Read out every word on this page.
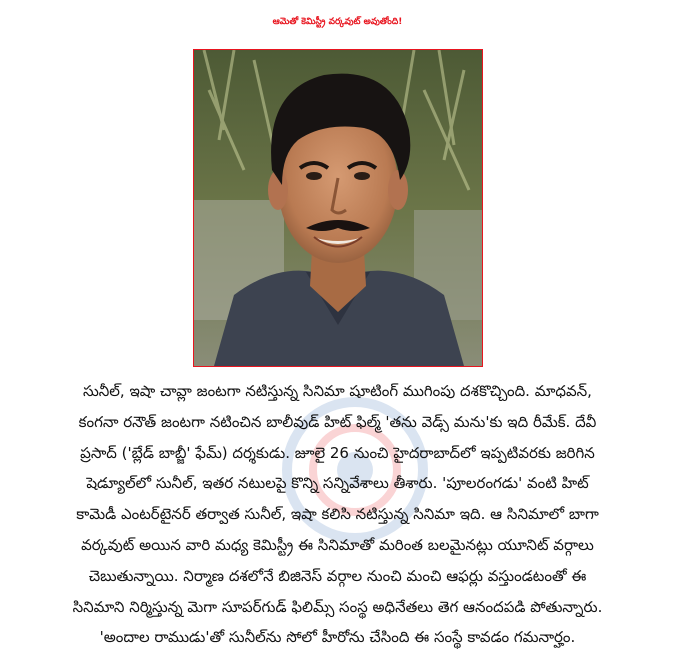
ఆమెతో కెమిస్ట్రీ వర్కవుట్ అవుతోంది!
సునీల్, ఇషా చావ్లా జంటగా నటిస్తున్న సినిమా షూటింగ్ ముగింపు దశకొచ్చింది. మాధవన్,
కంగనా రనౌత్ జంటగా నటించిన బాలీవుడ్ హిట్ ఫిల్మ్ 'తను వెడ్స్ మను'కు ఇది రీమేక్. దేవీ
ప్రసాద్ ('బ్లేడ్ బాబ్జీ' ఫేమ్) దర్శకుడు. జూలై 26 నుంచి హైదరాబాద్‌లో ఇప్పటివరకు జరిగిన
షెడ్యూల్‌లో సునీల్, ఇతర నటులపై కొన్ని సన్నివేశాలు తీశారు. 'పూలరంగడు' వంటి హిట్
కామెడీ ఎంటర్‌టైనర్ తర్వాత సునీల్, ఇషా కలిసి నటిస్తున్న సినిమా ఇది. ఆ సినిమాలో బాగా
వర్కవుట్ అయిన వారి మధ్య కెమిస్ట్రీ ఈ సినిమాతో మరింత బలమైనట్లు యూనిట్ వర్గాలు
చెబుతున్నాయి. నిర్మాణ దశలోనే బిజినెస్ వర్గాల నుంచి మంచి ఆఫర్లు వస్తుండటంతో ఈ
సినిమాని నిర్మిస్తున్న మెగా సూపర్‌గుడ్ ఫిలిమ్స్ సంస్థ అధినేతలు తెగ ఆనందపడి పోతున్నారు.
'అందాల రాముడు'తో సునీల్‌ను సోలో హీరోను చేసింది ఈ సంస్థే కావడం గమనార్హం.
